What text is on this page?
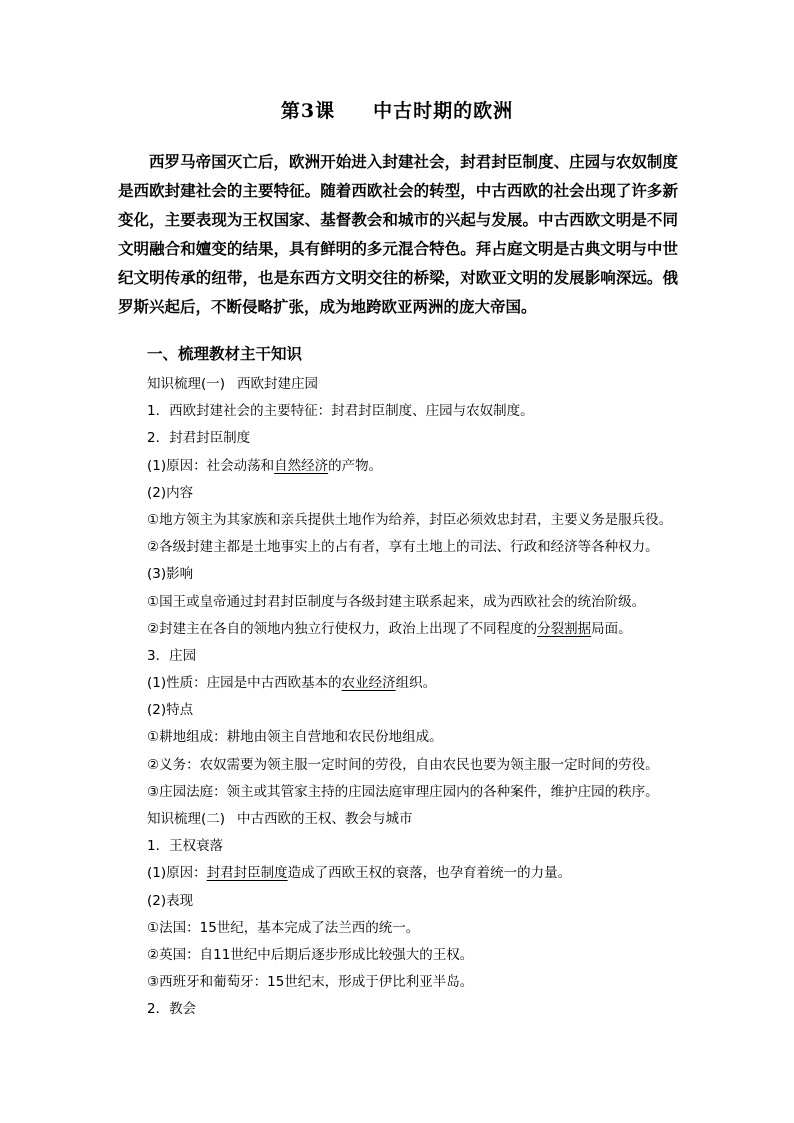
第3课 中古时期的欧洲
西罗马帝国灭亡后，欧洲开始进入封建社会，封君封臣制度、庄园与农奴制度是西欧封建社会的主要特征。随着西欧社会的转型，中古西欧的社会出现了许多新变化，主要表现为王权国家、基督教会和城市的兴起与发展。中古西欧文明是不同文明融合和嬗变的结果，具有鲜明的多元混合特色。拜占庭文明是古典文明与中世纪文明传承的纽带，也是东西方文明交往的桥梁，对欧亚文明的发展影响深远。俄罗斯兴起后，不断侵略扩张，成为地跨欧亚两洲的庞大帝国。
一、梳理教材主干知识
知识梳理(一) 西欧封建庄园
1．西欧封建社会的主要特征：封君封臣制度、庄园与农奴制度。
2．封君封臣制度
(1)原因：社会动荡和自然经济的产物。
(2)内容
①地方领主为其家族和亲兵提供土地作为给养，封臣必须效忠封君，主要义务是服兵役。
②各级封建主都是土地事实上的占有者，享有土地上的司法、行政和经济等各种权力。
(3)影响
①国王或皇帝通过封君封臣制度与各级封建主联系起来，成为西欧社会的统治阶级。
②封建主在各自的领地内独立行使权力，政治上出现了不同程度的分裂割据局面。
3．庄园
(1)性质：庄园是中古西欧基本的农业经济组织。
(2)特点
①耕地组成：耕地由领主自营地和农民份地组成。
②义务：农奴需要为领主服一定时间的劳役，自由农民也要为领主服一定时间的劳役。
③庄园法庭：领主或其管家主持的庄园法庭审理庄园内的各种案件，维护庄园的秩序。
知识梳理(二) 中古西欧的王权、教会与城市
1．王权衰落
(1)原因：封君封臣制度造成了西欧王权的衰落，也孕育着统一的力量。
(2)表现
①法国：15世纪，基本完成了法兰西的统一。
②英国：自11世纪中后期后逐步形成比较强大的王权。
③西班牙和葡萄牙：15世纪末，形成于伊比利亚半岛。
2．教会
